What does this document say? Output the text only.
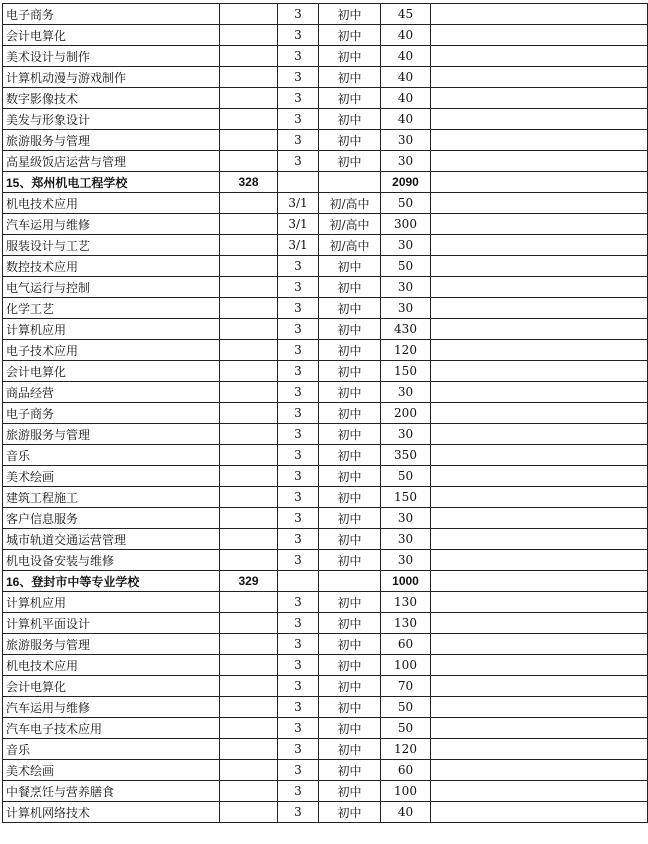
电子商务		3	初中	45	
会计电算化		3	初中	40	
美术设计与制作		3	初中	40	
计算机动漫与游戏制作		3	初中	40	
数字影像技术		3	初中	40	
美发与形象设计		3	初中	40	
旅游服务与管理		3	初中	30	
高星级饭店运营与管理		3	初中	30	
15、郑州机电工程学校	328			2090	
机电技术应用		3/1	初/高中	50	
汽车运用与维修		3/1	初/高中	300	
服装设计与工艺		3/1	初/高中	30	
数控技术应用		3	初中	50	
电气运行与控制		3	初中	30	
化学工艺		3	初中	30	
计算机应用		3	初中	430	
电子技术应用		3	初中	120	
会计电算化		3	初中	150	
商品经营		3	初中	30	
电子商务		3	初中	200	
旅游服务与管理		3	初中	30	
音乐		3	初中	350	
美术绘画		3	初中	50	
建筑工程施工		3	初中	150	
客户信息服务		3	初中	30	
城市轨道交通运营管理		3	初中	30	
机电设备安装与维修		3	初中	30	
16、登封市中等专业学校	329			1000	
计算机应用		3	初中	130	
计算机平面设计		3	初中	130	
旅游服务与管理		3	初中	60	
机电技术应用		3	初中	100	
会计电算化		3	初中	70	
汽车运用与维修		3	初中	50	
汽车电子技术应用		3	初中	50	
音乐		3	初中	120	
美术绘画		3	初中	60	
中餐烹饪与营养膳食		3	初中	100	
计算机网络技术		3	初中	40	
